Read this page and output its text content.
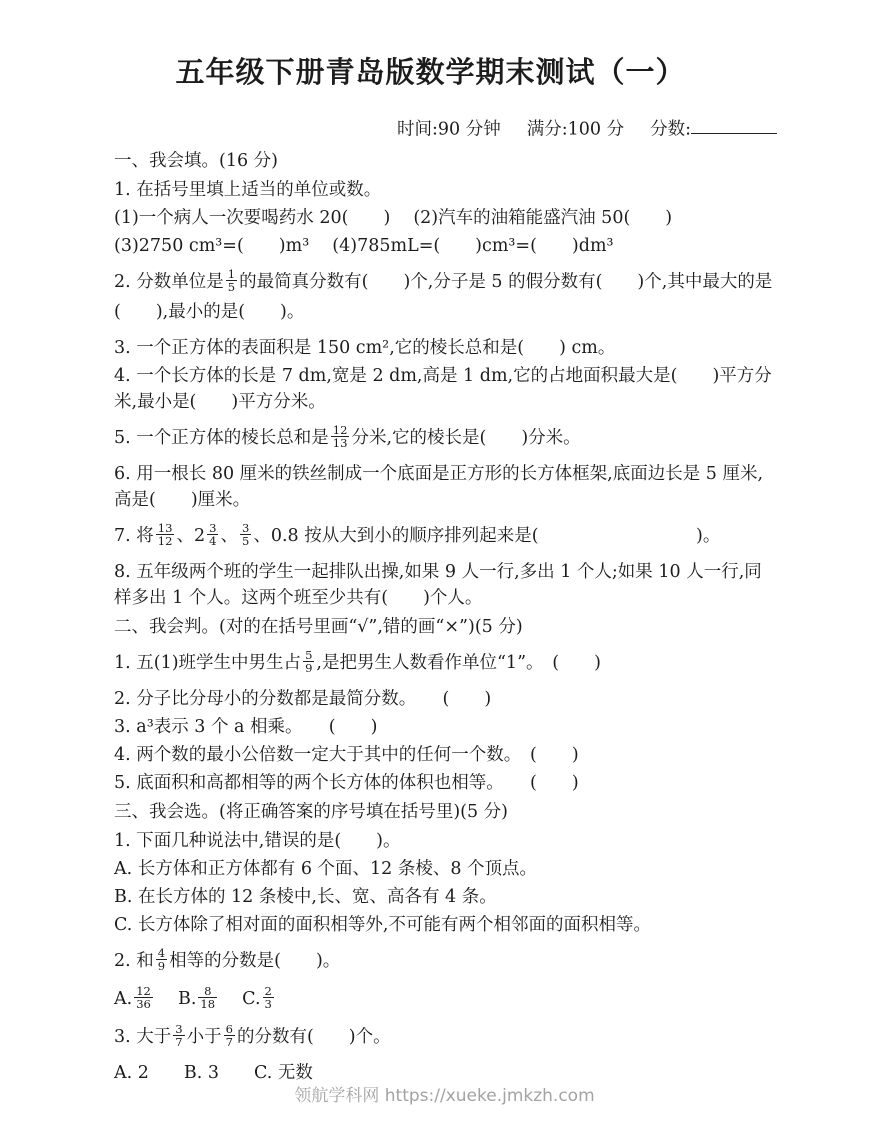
五年级下册青岛版数学期末测试（一）
时间:90 分钟 满分:100 分 分数:

一、我会填。(16 分)

1. 在括号里填上适当的单位或数。

(1)一个病人一次要喝药水 20(　　)　 (2)汽车的油箱能盛汽油 50(　　)

(3)2750 cm³=(　　)m³　 (4)785mL=(　　)cm³=(　　)dm³

2. 分数单位是 $\frac{1}{5}$ 的最简真分数有(　　)个,分子是 5 的假分数有(　　)个,其中最大的是(　　),最小的是(　　)。

3. 一个正方体的表面积是 150 cm²,它的棱长总和是(　　) cm。

4. 一个长方体的长是 7 dm,宽是 2 dm,高是 1 dm,它的占地面积最大是(　　)平方分米,最小是(　　)平方分米。

5. 一个正方体的棱长总和是 $\frac{12}{13}$ 分米,它的棱长是(　　)分米。

6. 用一根长 80 厘米的铁丝制成一个底面是正方形的长方体框架,底面边长是 5 厘米,高是(　　)厘米。

7. 将 $\frac{13}{12}$ 、$2 \frac{3}{4}$ 、 $\frac{3}{5}$ 、0.8 按从大到小的顺序排列起来是(　　　　　　　　　)。

8. 五年级两个班的学生一起排队出操,如果 9 人一行,多出 1 个人;如果 10 人一行,同样多出 1 个人。这两个班至少共有(　　)个人。

二、我会判。(对的在括号里画“√”,错的画“×”)(5 分)

1. 五(1)班学生中男生占 $\frac{5}{9}$ ,是把男生人数看作单位“1”。　(　　)

2. 分子比分母小的分数都是最简分数。　　(　　)

3. a³表示 3 个 a 相乘。　　(　　)

4. 两个数的最小公倍数一定大于其中的任何一个数。　(　　)

5. 底面积和高都相等的两个长方体的体积也相等。　　(　　)

三、我会选。(将正确答案的序号填在括号里)(5 分)

1. 下面几种说法中,错误的是(　　)。

A. 长方体和正方体都有 6 个面、12 条棱、8 个顶点。

B. 在长方体的 12 条棱中,长、宽、高各有 4 条。

C. 长方体除了相对面的面积相等外,不可能有两个相邻面的面积相等。

2. 和 $\frac{4}{9}$ 相等的分数是(　　)。

A. $\frac{12}{36}$ 　 B. $\frac{8}{18}$ 　 C. $\frac{2}{3}$

3. 大于 $\frac{3}{7}$ 小于 $\frac{6}{7}$ 的分数有(　　)个。

A. 2　　B. 3　　C. 无数

领航学科网 https://xueke.jmkzh.com
